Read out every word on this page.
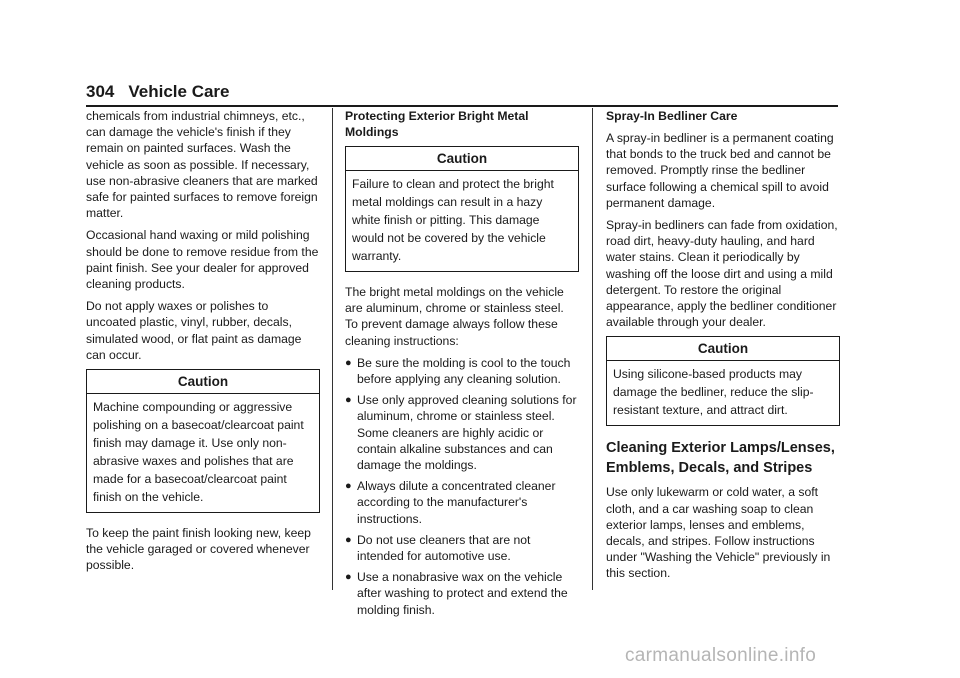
304 Vehicle Care

chemicals from industrial chimneys, etc., can damage the vehicle's finish if they remain on painted surfaces. Wash the vehicle as soon as possible. If necessary, use non-abrasive cleaners that are marked safe for painted surfaces to remove foreign matter.

Occasional hand waxing or mild polishing should be done to remove residue from the paint finish. See your dealer for approved cleaning products.

Do not apply waxes or polishes to uncoated plastic, vinyl, rubber, decals, simulated wood, or flat paint as damage can occur.

Caution
Machine compounding or aggressive polishing on a basecoat/clearcoat paint finish may damage it. Use only non-abrasive waxes and polishes that are made for a basecoat/clearcoat paint finish on the vehicle.

To keep the paint finish looking new, keep the vehicle garaged or covered whenever possible.

Protecting Exterior Bright Metal Moldings
Caution
Failure to clean and protect the bright metal moldings can result in a hazy white finish or pitting. This damage would not be covered by the vehicle warranty.

The bright metal moldings on the vehicle are aluminum, chrome or stainless steel. To prevent damage always follow these cleaning instructions:

● Be sure the molding is cool to the touch before applying any cleaning solution.
● Use only approved cleaning solutions for aluminum, chrome or stainless steel. Some cleaners are highly acidic or contain alkaline substances and can damage the moldings.
● Always dilute a concentrated cleaner according to the manufacturer's instructions.
● Do not use cleaners that are not intended for automotive use.
● Use a nonabrasive wax on the vehicle after washing to protect and extend the molding finish.
Spray-In Bedliner Care

A spray-in bedliner is a permanent coating that bonds to the truck bed and cannot be removed. Promptly rinse the bedliner surface following a chemical spill to avoid permanent damage.

Spray-in bedliners can fade from oxidation, road dirt, heavy-duty hauling, and hard water stains. Clean it periodically by washing off the loose dirt and using a mild detergent. To restore the original appearance, apply the bedliner conditioner available through your dealer.

Caution
Using silicone-based products may damage the bedliner, reduce the slip-resistant texture, and attract dirt.
Cleaning Exterior Lamps/Lenses, Emblems, Decals, and Stripes

Use only lukewarm or cold water, a soft cloth, and a car washing soap to clean exterior lamps, lenses and emblems, decals, and stripes. Follow instructions under "Washing the Vehicle" previously in this section.

carmanualsonline.info
